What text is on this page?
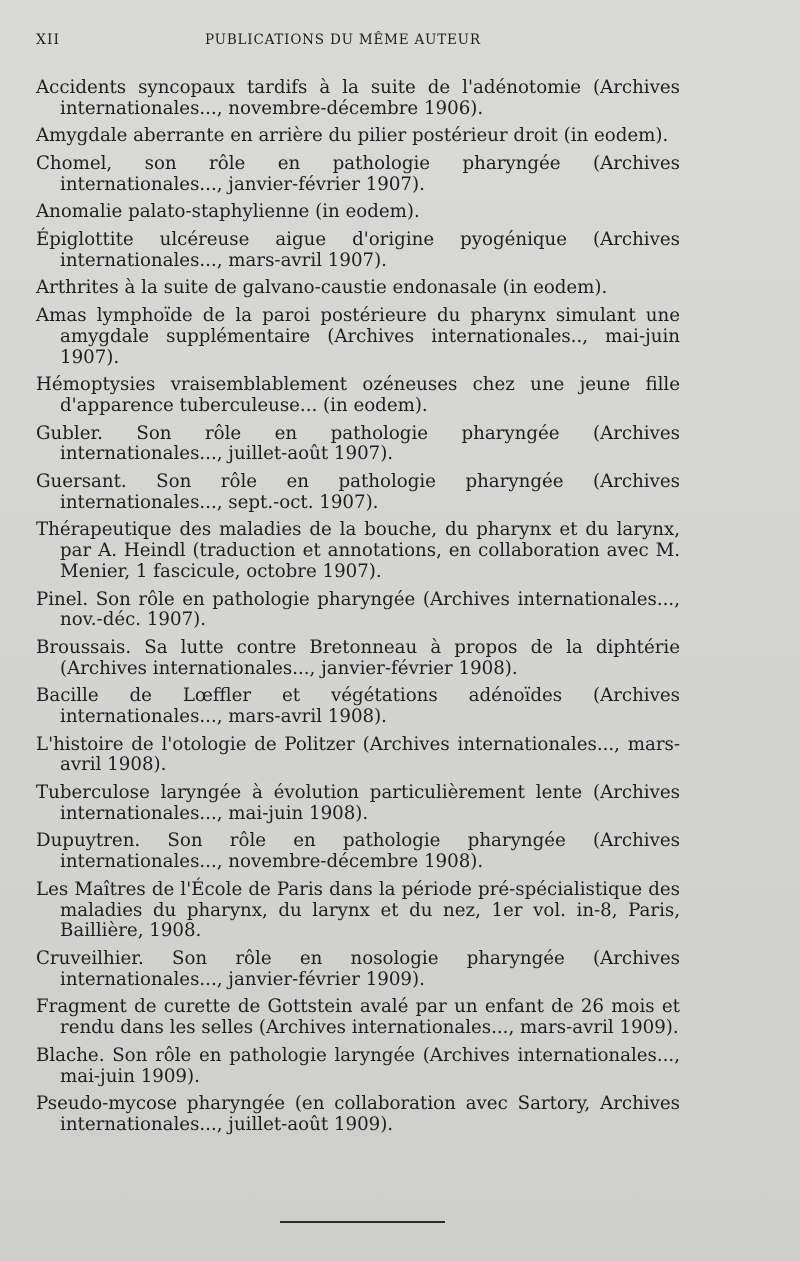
XII	PUBLICATIONS DU MÊME AUTEUR

Accidents syncopaux tardifs à la suite de l'adénotomie (Archives internationales..., novembre-décembre 1906).

Amygdale aberrante en arrière du pilier postérieur droit (in eodem).

Chomel, son rôle en pathologie pharyngée (Archives internationales..., janvier-février 1907).

Anomalie palato-staphylienne (in eodem).

Épiglottite ulcéreuse aigue d'origine pyogénique (Archives internationales..., mars-avril 1907).

Arthrites à la suite de galvano-caustie endonasale (in eodem).

Amas lymphoïde de la paroi postérieure du pharynx simulant une amygdale supplémentaire (Archives internationales.., mai-juin 1907).

Hémoptysies vraisemblablement ozéneuses chez une jeune fille d'apparence tuberculeuse... (in eodem).

Gubler. Son rôle en pathologie pharyngée (Archives internationales..., juillet-août 1907).

Guersant. Son rôle en pathologie pharyngée (Archives internationales..., sept.-oct. 1907).

Thérapeutique des maladies de la bouche, du pharynx et du larynx, par A. Heindl (traduction et annotations, en collaboration avec M. Menier, 1 fascicule, octobre 1907).

Pinel. Son rôle en pathologie pharyngée (Archives internationales..., nov.-déc. 1907).

Broussais. Sa lutte contre Bretonneau à propos de la diphtérie (Archives internationales..., janvier-février 1908).

Bacille de Lœffler et végétations adénoïdes (Archives internationales..., mars-avril 1908).

L'histoire de l'otologie de Politzer (Archives internationales..., mars-avril 1908).

Tuberculose laryngée à évolution particulièrement lente (Archives internationales..., mai-juin 1908).

Dupuytren. Son rôle en pathologie pharyngée (Archives internationales..., novembre-décembre 1908).

Les Maîtres de l'École de Paris dans la période pré-spécialistique des maladies du pharynx, du larynx et du nez, 1er vol. in-8, Paris, Baillière, 1908.

Cruveilhier. Son rôle en nosologie pharyngée (Archives internationales..., janvier-février 1909).

Fragment de curette de Gottstein avalé par un enfant de 26 mois et rendu dans les selles (Archives internationales..., mars-avril 1909).

Blache. Son rôle en pathologie laryngée (Archives internationales..., mai-juin 1909).

Pseudo-mycose pharyngée (en collaboration avec Sartory, Archives internationales..., juillet-août 1909).
